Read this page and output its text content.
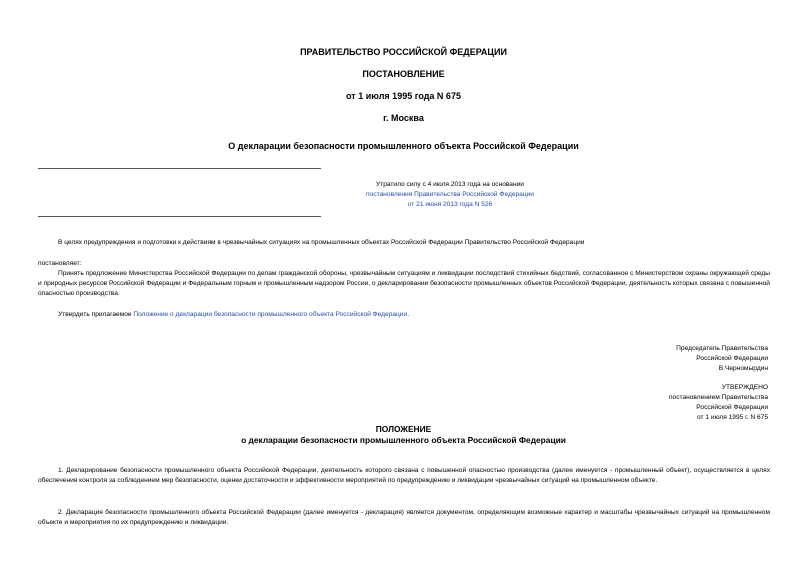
ПРАВИТЕЛЬСТВО РОССИЙСКОЙ ФЕДЕРАЦИИ
ПОСТАНОВЛЕНИЕ
от 1 июля 1995 года N 675
г. Москва
О декларации безопасности промышленного объекта Российской Федерации
Утратило силу с 4 июля 2013 года на основании
постановления Правительства Российской Федерации
от 21 июня 2013 года N 526
В целях предупреждения и подготовки к действиям в чрезвычайных ситуациях на промышленных объектах Российской Федерации Правительство Российской Федерации
постановляет:
Принять предложение Министерства Российской Федерации по делам гражданской обороны, чрезвычайным ситуациям и ликвидации последствий стихийных бедствий, согласованное с Министерством охраны окружающей среды и природных ресурсов Российской Федерации и Федеральным горным и промышленным надзором России, о декларировании безопасности промышленных объектов Российской Федерации, деятельность которых связана с повышенной опасностью производства.
Утвердить прилагаемое Положение о декларации безопасности промышленного объекта Российской Федерации.
Председатель Правительства
Российской Федерации
В.Черномырдин
УТВЕРЖДЕНО
постановлением Правительства
Российской Федерации
от 1 июля 1995 г. N 675
ПОЛОЖЕНИЕ
о декларации безопасности промышленного объекта Российской Федерации
1. Декларирование безопасности промышленного объекта Российской Федерации, деятельность которого связана с повышенной опасностью производства (далее именуется - промышленный объект), осуществляется в целях обеспечения контроля за соблюдением мер безопасности, оценки достаточности и эффективности мероприятий по предупреждению и ликвидации чрезвычайных ситуаций на промышленном объекте.
2. Декларация безопасности промышленного объекта Российской Федерации (далее именуется - декларация) является документом, определяющим возможные характер и масштабы чрезвычайных ситуаций на промышленном объекте и мероприятия по их предупреждению и ликвидации.
